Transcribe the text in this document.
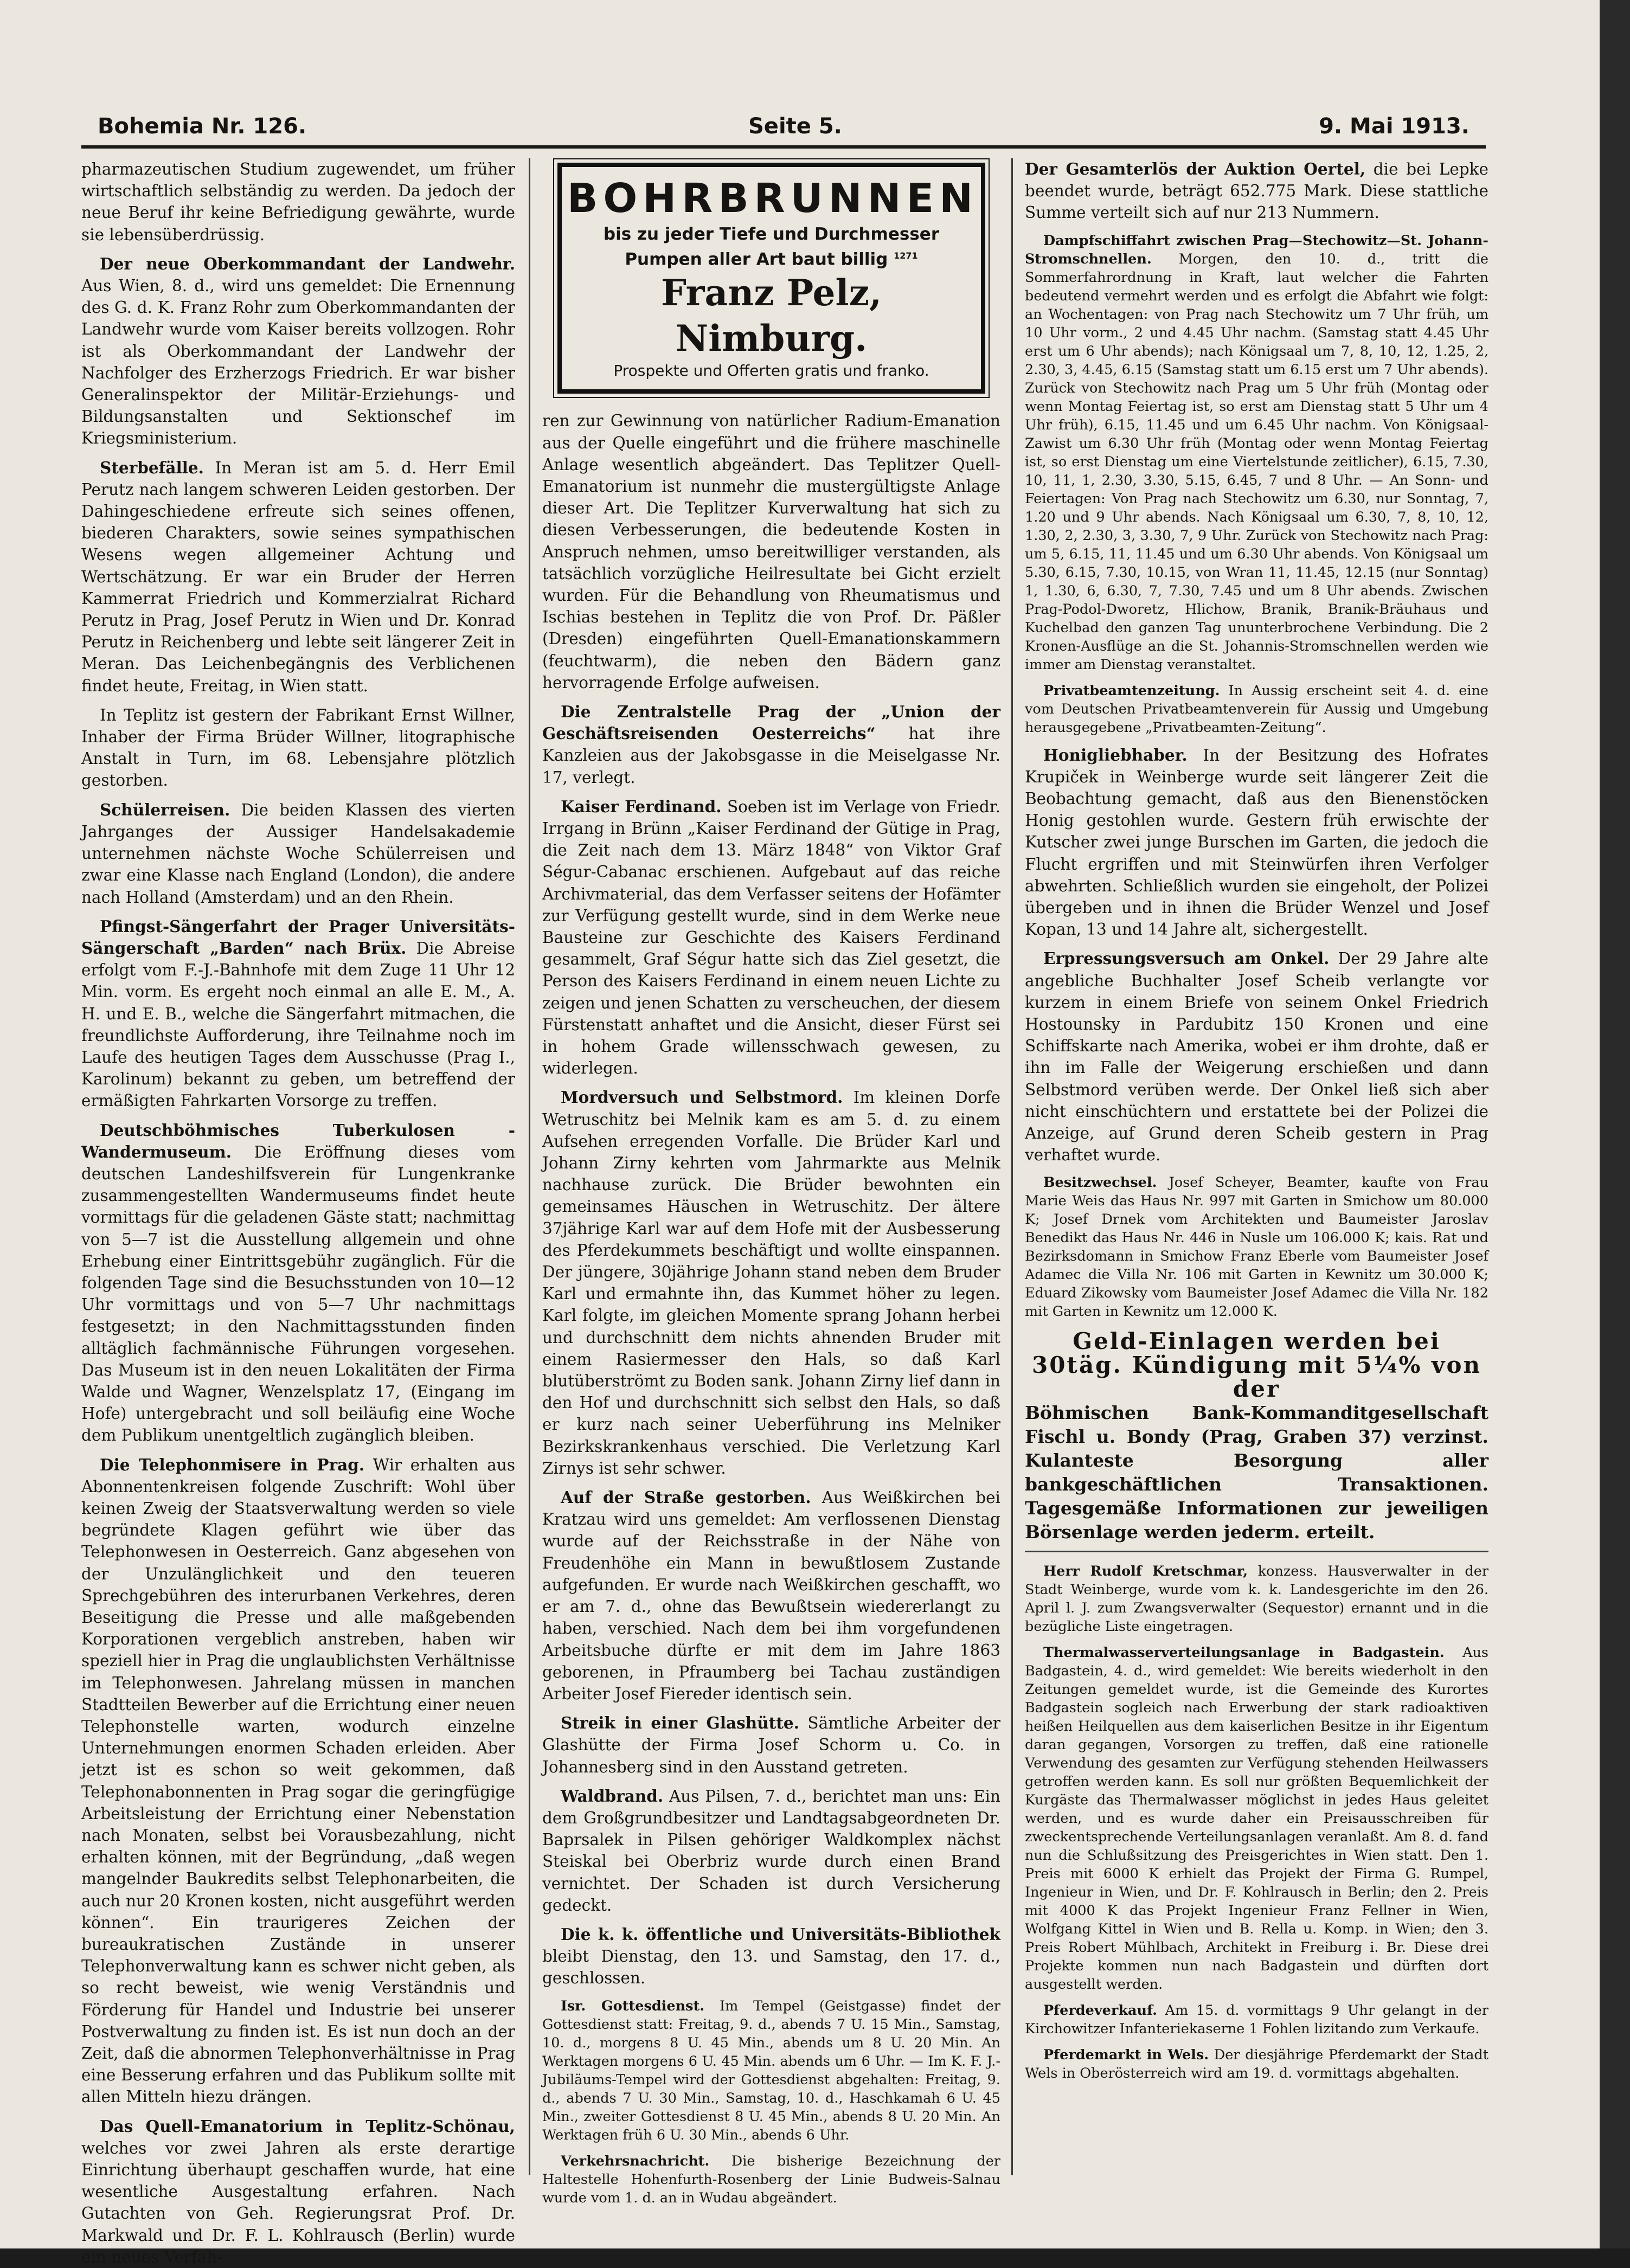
Bohemia Nr. 126.	Seite 5.	9. Mai 1913.

pharmazeutischen Studium zugewendet, um früher wirtschaftlich selbständig zu werden. Da jedoch der neue Beruf ihr keine Befriedigung gewährte, wurde sie lebensüberdrüssig.

Der neue Oberkommandant der Landwehr. Aus Wien, 8. d., wird uns gemeldet: Die Ernennung des G. d. K. Franz Rohr zum Oberkommandanten der Landwehr wurde vom Kaiser bereits vollzogen. Rohr ist als Oberkommandant der Landwehr der Nachfolger des Erzherzogs Friedrich. Er war bisher Generalinspektor der Militär-Erziehungs- und Bildungsanstalten und Sektionschef im Kriegsministerium.

Sterbefälle. In Meran ist am 5. d. Herr Emil Perutz nach langem schweren Leiden gestorben. Der Dahingeschiedene erfreute sich seines offenen, biederen Charakters, sowie seines sympathischen Wesens wegen allgemeiner Achtung und Wertschätzung. Er war ein Bruder der Herren Kammerrat Friedrich und Kommerzialrat Richard Perutz in Prag, Josef Perutz in Wien und Dr. Konrad Perutz in Reichenberg und lebte seit längerer Zeit in Meran. Das Leichenbegängnis des Verblichenen findet heute, Freitag, in Wien statt.

In Teplitz ist gestern der Fabrikant Ernst Willner, Inhaber der Firma Brüder Willner, litographische Anstalt in Turn, im 68. Lebensjahre plötzlich gestorben.

Schülerreisen. Die beiden Klassen des vierten Jahrganges der Aussiger Handelsakademie unternehmen nächste Woche Schülerreisen und zwar eine Klasse nach England (London), die andere nach Holland (Amsterdam) und an den Rhein.

Pfingst-Sängerfahrt der Prager Universitäts-Sängerschaft „Barden“ nach Brüx. Die Abreise erfolgt vom F.-J.-Bahnhofe mit dem Zuge 11 Uhr 12 Min. vorm. Es ergeht noch einmal an alle E. M., A. H. und E. B., welche die Sängerfahrt mitmachen, die freundlichste Aufforderung, ihre Teilnahme noch im Laufe des heutigen Tages dem Ausschusse (Prag I., Karolinum) bekannt zu geben, um betreffend der ermäßigten Fahrkarten Vorsorge zu treffen.

Deutschböhmisches Tuberkulosen - Wandermuseum. Die Eröffnung dieses vom deutschen Landeshilfsverein für Lungenkranke zusammengestellten Wandermuseums findet heute vormittags für die geladenen Gäste statt; nachmittag von 5—7 ist die Ausstellung allgemein und ohne Erhebung einer Eintrittsgebühr zugänglich. Für die folgenden Tage sind die Besuchsstunden von 10—12 Uhr vormittags und von 5—7 Uhr nachmittags festgesetzt; in den Nachmittagsstunden finden alltäglich fachmännische Führungen vorgesehen. Das Museum ist in den neuen Lokalitäten der Firma Walde und Wagner, Wenzelsplatz 17, (Eingang im Hofe) untergebracht und soll beiläufig eine Woche dem Publikum unentgeltlich zugänglich bleiben.

Die Telephonmisere in Prag. Wir erhalten aus Abonnentenkreisen folgende Zuschrift: Wohl über keinen Zweig der Staatsverwaltung werden so viele begründete Klagen geführt wie über das Telephonwesen in Oesterreich. Ganz abgesehen von der Unzulänglichkeit und den teueren Sprechgebühren des interurbanen Verkehres, deren Beseitigung die Presse und alle maßgebenden Korporationen vergeblich anstreben, haben wir speziell hier in Prag die unglaublichsten Verhältnisse im Telephonwesen. Jahrelang müssen in manchen Stadtteilen Bewerber auf die Errichtung einer neuen Telephonstelle warten, wodurch einzelne Unternehmungen enormen Schaden erleiden. Aber jetzt ist es schon so weit gekommen, daß Telephonabonnenten in Prag sogar die geringfügige Arbeitsleistung der Errichtung einer Nebenstation nach Monaten, selbst bei Vorausbezahlung, nicht erhalten können, mit der Begründung, „daß wegen mangelnder Baukredits selbst Telephonarbeiten, die auch nur 20 Kronen kosten, nicht ausgeführt werden können“. Ein traurigeres Zeichen der bureaukratischen Zustände in unserer Telephonverwaltung kann es schwer nicht geben, als so recht beweist, wie wenig Verständnis und Förderung für Handel und Industrie bei unserer Postverwaltung zu finden ist. Es ist nun doch an der Zeit, daß die abnormen Telephonverhältnisse in Prag eine Besserung erfahren und das Publikum sollte mit allen Mitteln hiezu drängen.

Das Quell-Emanatorium in Teplitz-Schönau, welches vor zwei Jahren als erste derartige Einrichtung überhaupt geschaffen wurde, hat eine wesentliche Ausgestaltung erfahren. Nach Gutachten von Geh. Regierungsrat Prof. Dr. Markwald und Dr. F. L. Kohlrausch (Berlin) wurde ein neues Verfah-

BOHRBRUNNEN
bis zu jeder Tiefe und Durchmesser
Pumpen aller Art baut billig $^{1271}$
Franz Pelz, Nimburg.
Prospekte und Offerten gratis und franko.

ren zur Gewinnung von natürlicher Radium-Emanation aus der Quelle eingeführt und die frühere maschinelle Anlage wesentlich abgeändert. Das Teplitzer Quell-Emanatorium ist nunmehr die mustergültigste Anlage dieser Art. Die Teplitzer Kurverwaltung hat sich zu diesen Verbesserungen, die bedeutende Kosten in Anspruch nehmen, umso bereitwilliger verstanden, als tatsächlich vorzügliche Heilresultate bei Gicht erzielt wurden. Für die Behandlung von Rheumatismus und Ischias bestehen in Teplitz die von Prof. Dr. Päßler (Dresden) eingeführten Quell-Emanationskammern (feuchtwarm), die neben den Bädern ganz hervorragende Erfolge aufweisen.

Die Zentralstelle Prag der „Union der Geschäftsreisenden Oesterreichs“ hat ihre Kanzleien aus der Jakobsgasse in die Meiselgasse Nr. 17, verlegt.

Kaiser Ferdinand. Soeben ist im Verlage von Friedr. Irrgang in Brünn „Kaiser Ferdinand der Gütige in Prag, die Zeit nach dem 13. März 1848“ von Viktor Graf Ségur-Cabanac erschienen. Aufgebaut auf das reiche Archivmaterial, das dem Verfasser seitens der Hofämter zur Verfügung gestellt wurde, sind in dem Werke neue Bausteine zur Geschichte des Kaisers Ferdinand gesammelt, Graf Ségur hatte sich das Ziel gesetzt, die Person des Kaisers Ferdinand in einem neuen Lichte zu zeigen und jenen Schatten zu verscheuchen, der diesem Fürstenstatt anhaftet und die Ansicht, dieser Fürst sei in hohem Grade willensschwach gewesen, zu widerlegen.

Mordversuch und Selbstmord. Im kleinen Dorfe Wetruschitz bei Melnik kam es am 5. d. zu einem Aufsehen erregenden Vorfalle. Die Brüder Karl und Johann Zirny kehrten vom Jahrmarkte aus Melnik nachhause zurück. Die Brüder bewohnten ein gemeinsames Häuschen in Wetruschitz. Der ältere 37jährige Karl war auf dem Hofe mit der Ausbesserung des Pferdekummets beschäftigt und wollte einspannen. Der jüngere, 30jährige Johann stand neben dem Bruder Karl und ermahnte ihn, das Kummet höher zu legen. Karl folgte, im gleichen Momente sprang Johann herbei und durchschnitt dem nichts ahnenden Bruder mit einem Rasiermesser den Hals, so daß Karl blutüberströmt zu Boden sank. Johann Zirny lief dann in den Hof und durchschnitt sich selbst den Hals, so daß er kurz nach seiner Ueberführung ins Melniker Bezirkskrankenhaus verschied. Die Verletzung Karl Zirnys ist sehr schwer.

Auf der Straße gestorben. Aus Weißkirchen bei Kratzau wird uns gemeldet: Am verflossenen Dienstag wurde auf der Reichsstraße in der Nähe von Freudenhöhe ein Mann in bewußtlosem Zustande aufgefunden. Er wurde nach Weißkirchen geschafft, wo er am 7. d., ohne das Bewußtsein wiedererlangt zu haben, verschied. Nach dem bei ihm vorgefundenen Arbeitsbuche dürfte er mit dem im Jahre 1863 geborenen, in Pfraumberg bei Tachau zuständigen Arbeiter Josef Fiereder identisch sein.

Streik in einer Glashütte. Sämtliche Arbeiter der Glashütte der Firma Josef Schorm u. Co. in Johannesberg sind in den Ausstand getreten.

Waldbrand. Aus Pilsen, 7. d., berichtet man uns: Ein dem Großgrundbesitzer und Landtagsabgeordneten Dr. Baprsalek in Pilsen gehöriger Waldkomplex nächst Steiskal bei Oberbriz wurde durch einen Brand vernichtet. Der Schaden ist durch Versicherung gedeckt.

Die k. k. öffentliche und Universitäts-Bibliothek bleibt Dienstag, den 13. und Samstag, den 17. d., geschlossen.

Isr. Gottesdienst. Im Tempel (Geistgasse) findet der Gottesdienst statt: Freitag, 9. d., abends 7 U. 15 Min., Samstag, 10. d., morgens 8 U. 45 Min., abends um 8 U. 20 Min. An Werktagen morgens 6 U. 45 Min. abends um 6 Uhr. — Im K. F. J.-Jubiläums-Tempel wird der Gottesdienst abgehalten: Freitag, 9. d., abends 7 U. 30 Min., Samstag, 10. d., Haschkamah 6 U. 45 Min., zweiter Gottesdienst 8 U. 45 Min., abends 8 U. 20 Min. An Werktagen früh 6 U. 30 Min., abends 6 Uhr.

Verkehrsnachricht. Die bisherige Bezeichnung der Haltestelle Hohenfurth-Rosenberg der Linie Budweis-Salnau wurde vom 1. d. an in Wudau abgeändert.

Der Gesamterlös der Auktion Oertel, die bei Lepke beendet wurde, beträgt 652.775 Mark. Diese stattliche Summe verteilt sich auf nur 213 Nummern.

Dampfschiffahrt zwischen Prag—Stechowitz—St. Johann-Stromschnellen. Morgen, den 10. d., tritt die Sommerfahrordnung in Kraft, laut welcher die Fahrten bedeutend vermehrt werden und es erfolgt die Abfahrt wie folgt: an Wochentagen: von Prag nach Stechowitz um 7 Uhr früh, um 10 Uhr vorm., 2 und 4.45 Uhr nachm. (Samstag statt 4.45 Uhr erst um 6 Uhr abends); nach Königsaal um 7, 8, 10, 12, 1.25, 2, 2.30, 3, 4.45, 6.15 (Samstag statt um 6.15 erst um 7 Uhr abends). Zurück von Stechowitz nach Prag um 5 Uhr früh (Montag oder wenn Montag Feiertag ist, so erst am Dienstag statt 5 Uhr um 4 Uhr früh), 6.15, 11.45 und um 6.45 Uhr nachm. Von Königsaal-Zawist um 6.30 Uhr früh (Montag oder wenn Montag Feiertag ist, so erst Dienstag um eine Viertelstunde zeitlicher), 6.15, 7.30, 10, 11, 1, 2.30, 3.30, 5.15, 6.45, 7 und 8 Uhr. — An Sonn- und Feiertagen: Von Prag nach Stechowitz um 6.30, nur Sonntag, 7, 1.20 und 9 Uhr abends. Nach Königsaal um 6.30, 7, 8, 10, 12, 1.30, 2, 2.30, 3, 3.30, 7, 9 Uhr. Zurück von Stechowitz nach Prag: um 5, 6.15, 11, 11.45 und um 6.30 Uhr abends. Von Königsaal um 5.30, 6.15, 7.30, 10.15, von Wran 11, 11.45, 12.15 (nur Sonntag) 1, 1.30, 6, 6.30, 7, 7.30, 7.45 und um 8 Uhr abends. Zwischen Prag-Podol-Dworetz, Hlichow, Branik, Branik-Bräuhaus und Kuchelbad den ganzen Tag ununterbrochene Verbindung. Die 2 Kronen-Ausflüge an die St. Johannis-Stromschnellen werden wie immer am Dienstag veranstaltet.

Privatbeamtenzeitung. In Aussig erscheint seit 4. d. eine vom Deutschen Privatbeamtenverein für Aussig und Umgebung herausgegebene „Privatbeamten-Zeitung“.

Honigliebhaber. In der Besitzung des Hofrates Krupiček in Weinberge wurde seit längerer Zeit die Beobachtung gemacht, daß aus den Bienenstöcken Honig gestohlen wurde. Gestern früh erwischte der Kutscher zwei junge Burschen im Garten, die jedoch die Flucht ergriffen und mit Steinwürfen ihren Verfolger abwehrten. Schließlich wurden sie eingeholt, der Polizei übergeben und in ihnen die Brüder Wenzel und Josef Kopan, 13 und 14 Jahre alt, sichergestellt.

Erpressungsversuch am Onkel. Der 29 Jahre alte angebliche Buchhalter Josef Scheib verlangte vor kurzem in einem Briefe von seinem Onkel Friedrich Hostounsky in Pardubitz 150 Kronen und eine Schiffskarte nach Amerika, wobei er ihm drohte, daß er ihn im Falle der Weigerung erschießen und dann Selbstmord verüben werde. Der Onkel ließ sich aber nicht einschüchtern und erstattete bei der Polizei die Anzeige, auf Grund deren Scheib gestern in Prag verhaftet wurde.

Besitzwechsel. Josef Scheyer, Beamter, kaufte von Frau Marie Weis das Haus Nr. 997 mit Garten in Smichow um 80.000 K; Josef Drnek vom Architekten und Baumeister Jaroslav Benedikt das Haus Nr. 446 in Nusle um 106.000 K; kais. Rat und Bezirksdomann in Smichow Franz Eberle vom Baumeister Josef Adamec die Villa Nr. 106 mit Garten in Kewnitz um 30.000 K; Eduard Zikowsky vom Baumeister Josef Adamec die Villa Nr. 182 mit Garten in Kewnitz um 12.000 K.

Geld-Einlagen werden bei 30täg. Kündigung mit 5¼% von der
Böhmischen Bank-Kommanditgesellschaft Fischl u. Bondy (Prag, Graben 37) verzinst. Kulanteste Besorgung aller bankgeschäftlichen Transaktionen. Tagesgemäße Informationen zur jeweiligen Börsenlage werden jederm. erteilt.

Herr Rudolf Kretschmar, konzess. Hausverwalter in der Stadt Weinberge, wurde vom k. k. Landesgerichte im den 26. April l. J. zum Zwangsverwalter (Sequestor) ernannt und in die bezügliche Liste eingetragen.

Thermalwasserverteilungsanlage in Badgastein. Aus Badgastein, 4. d., wird gemeldet: Wie bereits wiederholt in den Zeitungen gemeldet wurde, ist die Gemeinde des Kurortes Badgastein sogleich nach Erwerbung der stark radioaktiven heißen Heilquellen aus dem kaiserlichen Besitze in ihr Eigentum daran gegangen, Vorsorgen zu treffen, daß eine rationelle Verwendung des gesamten zur Verfügung stehenden Heilwassers getroffen werden kann. Es soll nur größten Bequemlichkeit der Kurgäste das Thermalwasser möglichst in jedes Haus geleitet werden, und es wurde daher ein Preisausschreiben für zweckentsprechende Verteilungsanlagen veranlaßt. Am 8. d. fand nun die Schlußsitzung des Preisgerichtes in Wien statt. Den 1. Preis mit 6000 K erhielt das Projekt der Firma G. Rumpel, Ingenieur in Wien, und Dr. F. Kohlrausch in Berlin; den 2. Preis mit 4000 K das Projekt Ingenieur Franz Fellner in Wien, Wolfgang Kittel in Wien und B. Rella u. Komp. in Wien; den 3. Preis Robert Mühlbach, Architekt in Freiburg i. Br. Diese drei Projekte kommen nun nach Badgastein und dürften dort ausgestellt werden.

Pferdeverkauf. Am 15. d. vormittags 9 Uhr gelangt in der Kirchowitzer Infanteriekaserne 1 Fohlen lizitando zum Verkaufe.

Pferdemarkt in Wels. Der diesjährige Pferdemarkt der Stadt Wels in Oberösterreich wird am 19. d. vormittags abgehalten.
